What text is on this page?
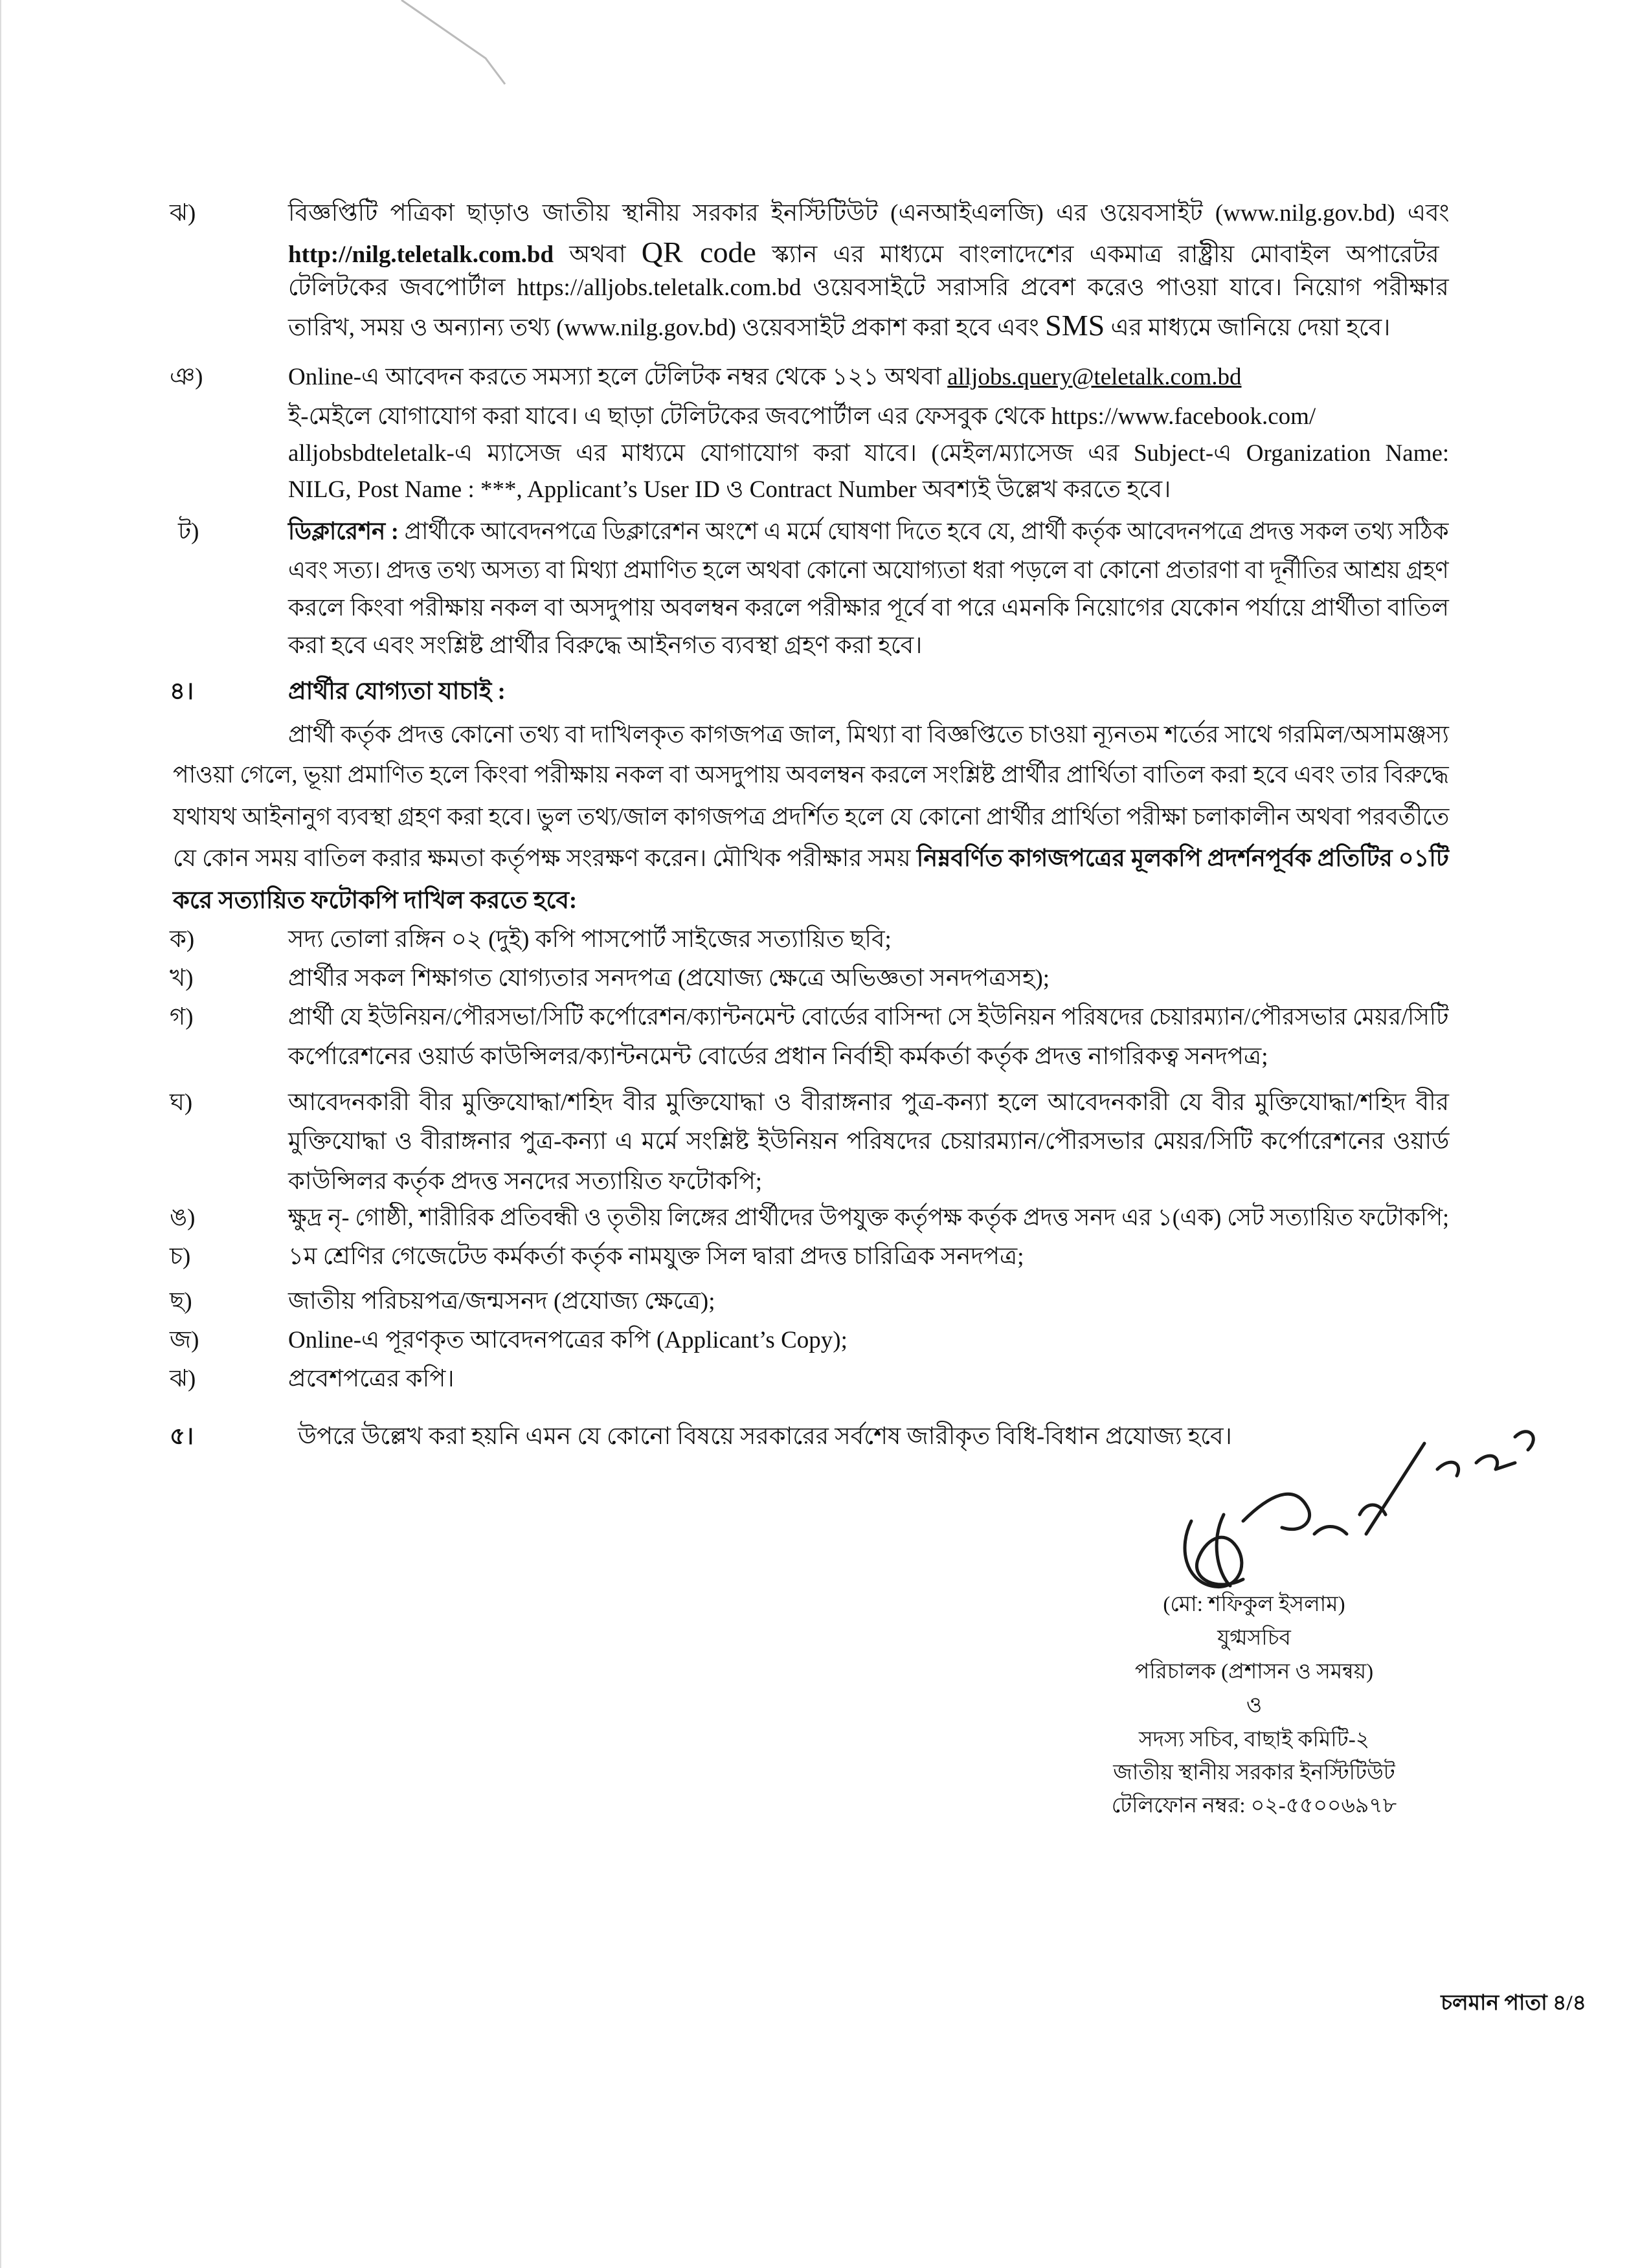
ঝ)	বিজ্ঞপ্তিটি পত্রিকা ছাড়াও জাতীয় স্থানীয় সরকার ইনস্টিটিউট (এনআইএলজি) এর ওয়েবসাইট (www.nilg.gov.bd) এবং
http://nilg.teletalk.com.bd অথবা QR code স্ক্যান এর মাধ্যমে বাংলাদেশের একমাত্র রাষ্ট্রীয় মোবাইল অপারেটর
টেলিটকের জবপোর্টাল https://alljobs.teletalk.com.bd ওয়েবসাইটে সরাসরি প্রবেশ করেও পাওয়া যাবে। নিয়োগ পরীক্ষার
তারিখ, সময় ও অন্যান্য তথ্য (www.nilg.gov.bd) ওয়েবসাইট প্রকাশ করা হবে এবং SMS এর মাধ্যমে জানিয়ে দেয়া হবে।
ঞ)	Online-এ আবেদন করতে সমস্যা হলে টেলিটক নম্বর থেকে ১২১ অথবা alljobs.query@teletalk.com.bd
ই-মেইলে যোগাযোগ করা যাবে। এ ছাড়া টেলিটকের জবপোর্টাল এর ফেসবুক থেকে https://www.facebook.com/
alljobsbdteletalk-এ ম্যাসেজ এর মাধ্যমে যোগাযোগ করা যাবে। (মেইল/ম্যাসেজ এর Subject-এ Organization Name:
NILG, Post Name : ***, Applicant’s User ID ও Contract Number অবশ্যই উল্লেখ করতে হবে।
ট)	ডিক্লারেশন : প্রার্থীকে আবেদনপত্রে ডিক্লারেশন অংশে এ মর্মে ঘোষণা দিতে হবে যে, প্রার্থী কর্তৃক আবেদনপত্রে প্রদত্ত সকল তথ্য সঠিক
এবং সত্য। প্রদত্ত তথ্য অসত্য বা মিথ্যা প্রমাণিত হলে অথবা কোনো অযোগ্যতা ধরা পড়লে বা কোনো প্রতারণা বা দূর্নীতির আশ্রয় গ্রহণ
করলে কিংবা পরীক্ষায় নকল বা অসদুপায় অবলম্বন করলে পরীক্ষার পূর্বে বা পরে এমনকি নিয়োগের যেকোন পর্যায়ে প্রার্থীতা বাতিল
করা হবে এবং সংশ্লিষ্ট প্রার্থীর বিরুদ্ধে আইনগত ব্যবস্থা গ্রহণ করা হবে।
৪।	প্রার্থীর যোগ্যতা যাচাই :
প্রার্থী কর্তৃক প্রদত্ত কোনো তথ্য বা দাখিলকৃত কাগজপত্র জাল, মিথ্যা বা বিজ্ঞপ্তিতে চাওয়া ন্যূনতম শর্তের সাথে গরমিল/অসামঞ্জস্য
পাওয়া গেলে, ভূয়া প্রমাণিত হলে কিংবা পরীক্ষায় নকল বা অসদুপায় অবলম্বন করলে সংশ্লিষ্ট প্রার্থীর প্রার্থিতা বাতিল করা হবে এবং তার বিরুদ্ধে
যথাযথ আইনানুগ ব্যবস্থা গ্রহণ করা হবে। ভুল তথ্য/জাল কাগজপত্র প্রদর্শিত হলে যে কোনো প্রার্থীর প্রার্থিতা পরীক্ষা চলাকালীন অথবা পরবর্তীতে
যে কোন সময় বাতিল করার ক্ষমতা কর্তৃপক্ষ সংরক্ষণ করেন। মৌখিক পরীক্ষার সময় নিম্নবর্ণিত কাগজপত্রের মূলকপি প্রদর্শনপূর্বক প্রতিটির ০১টি
করে সত্যায়িত ফটোকপি দাখিল করতে হবে:
ক)	সদ্য তোলা রঙ্গিন ০২ (দুই) কপি পাসপোর্ট সাইজের সত্যায়িত ছবি;
খ)	প্রার্থীর সকল শিক্ষাগত যোগ্যতার সনদপত্র (প্রযোজ্য ক্ষেত্রে অভিজ্ঞতা সনদপত্রসহ);
গ)	প্রার্থী যে ইউনিয়ন/পৌরসভা/সিটি কর্পোরেশন/ক্যান্টনমেন্ট বোর্ডের বাসিন্দা সে ইউনিয়ন পরিষদের চেয়ারম্যান/পৌরসভার মেয়র/সিটি
কর্পোরেশনের ওয়ার্ড কাউন্সিলর/ক্যান্টনমেন্ট বোর্ডের প্রধান নির্বাহী কর্মকর্তা কর্তৃক প্রদত্ত নাগরিকত্ব সনদপত্র;
ঘ)	আবেদনকারী বীর মুক্তিযোদ্ধা/শহিদ বীর মুক্তিযোদ্ধা ও বীরাঙ্গনার পুত্র-কন্যা হলে আবেদনকারী যে বীর মুক্তিযোদ্ধা/শহিদ বীর
মুক্তিযোদ্ধা ও বীরাঙ্গনার পুত্র-কন্যা এ মর্মে সংশ্লিষ্ট ইউনিয়ন পরিষদের চেয়ারম্যান/পৌরসভার মেয়র/সিটি কর্পোরেশনের ওয়ার্ড
কাউন্সিলর কর্তৃক প্রদত্ত সনদের সত্যায়িত ফটোকপি;
ঙ)	ক্ষুদ্র নৃ- গোষ্ঠী, শারীরিক প্রতিবন্ধী ও তৃতীয় লিঙ্গের প্রার্থীদের উপযুক্ত কর্তৃপক্ষ কর্তৃক প্রদত্ত সনদ এর ১(এক) সেট সত্যায়িত ফটোকপি;
চ)	১ম শ্রেণির গেজেটেড কর্মকর্তা কর্তৃক নামযুক্ত সিল দ্বারা প্রদত্ত চারিত্রিক সনদপত্র;
ছ)	জাতীয় পরিচয়পত্র/জন্মসনদ (প্রযোজ্য ক্ষেত্রে);
জ)	Online-এ পূরণকৃত আবেদনপত্রের কপি (Applicant’s Copy);
ঝ)	প্রবেশপত্রের কপি।
৫।	উপরে উল্লেখ করা হয়নি এমন যে কোনো বিষয়ে সরকারের সর্বশেষ জারীকৃত বিধি-বিধান প্রযোজ্য হবে।
(মো: শফিকুল ইসলাম)
যুগ্মসচিব
পরিচালক (প্রশাসন ও সমন্বয়)
ও
সদস্য সচিব, বাছাই কমিটি-২
জাতীয় স্থানীয় সরকার ইনস্টিটিউট
টেলিফোন নম্বর: ০২-৫৫০০৬৯৭৮
চলমান পাতা ৪/৪
